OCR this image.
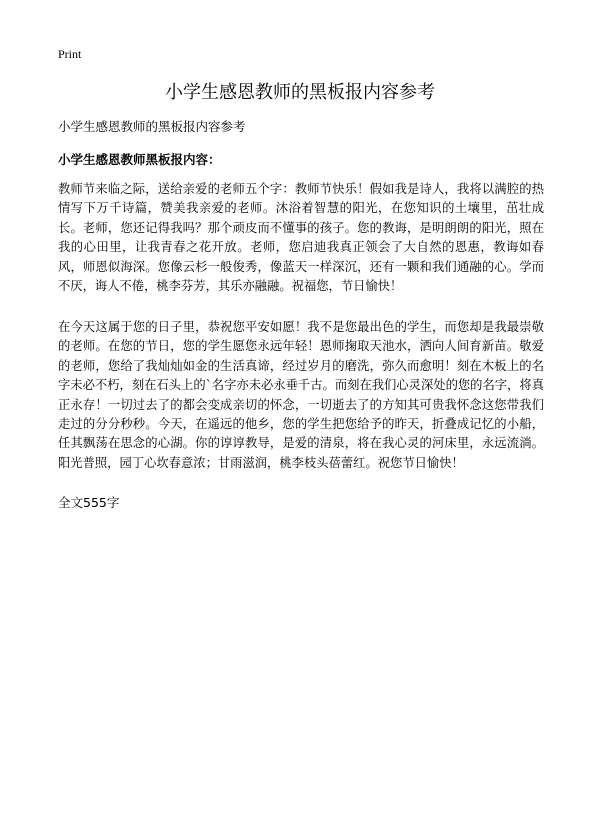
Print
小学生感恩教师的黑板报内容参考

小学生感恩教师的黑板报内容参考

小学生感恩教师黑板报内容：

教师节来临之际，送给亲爱的老师五个字：教师节快乐！假如我是诗人，我将以满腔的热情写下万千诗篇，赞美我亲爱的老师。沐浴着智慧的阳光，在您知识的土壤里，茁壮成长。老师，您还记得我吗？那个顽皮而不懂事的孩子。您的教诲，是明朗朗的阳光，照在我的心田里，让我青春之花开放。老师，您启迪我真正领会了大自然的恩惠，教诲如春风，师恩似海深。您像云杉一般俊秀，像蓝天一样深沉，还有一颗和我们通融的心。学而不厌，诲人不倦，桃李芬芳，其乐亦融融。祝福您，节日愉快！

在今天这属于您的日子里，恭祝您平安如愿！我不是您最出色的学生，而您却是我最崇敬的老师。在您的节日，您的学生愿您永远年轻！恩师掬取天池水，洒向人间育新苗。敬爱的老师，您给了我灿灿如金的生活真谛，经过岁月的磨洗，弥久而愈明！刻在木板上的名字未必不朽，刻在石头上的`名字亦未必永垂千古。而刻在我们心灵深处的您的名字，将真正永存！一切过去了的都会变成亲切的怀念，一切逝去了的方知其可贵我怀念这您带我们走过的分分秒秒。今天，在遥远的他乡，您的学生把您给予的昨天，折叠成记忆的小船，任其飘荡在思念的心湖。你的谆谆教导，是爱的清泉，将在我心灵的河床里，永远流淌。阳光普照，园丁心坎春意浓；甘雨滋润，桃李枝头蓓蕾红。祝您节日愉快！

全文555字
